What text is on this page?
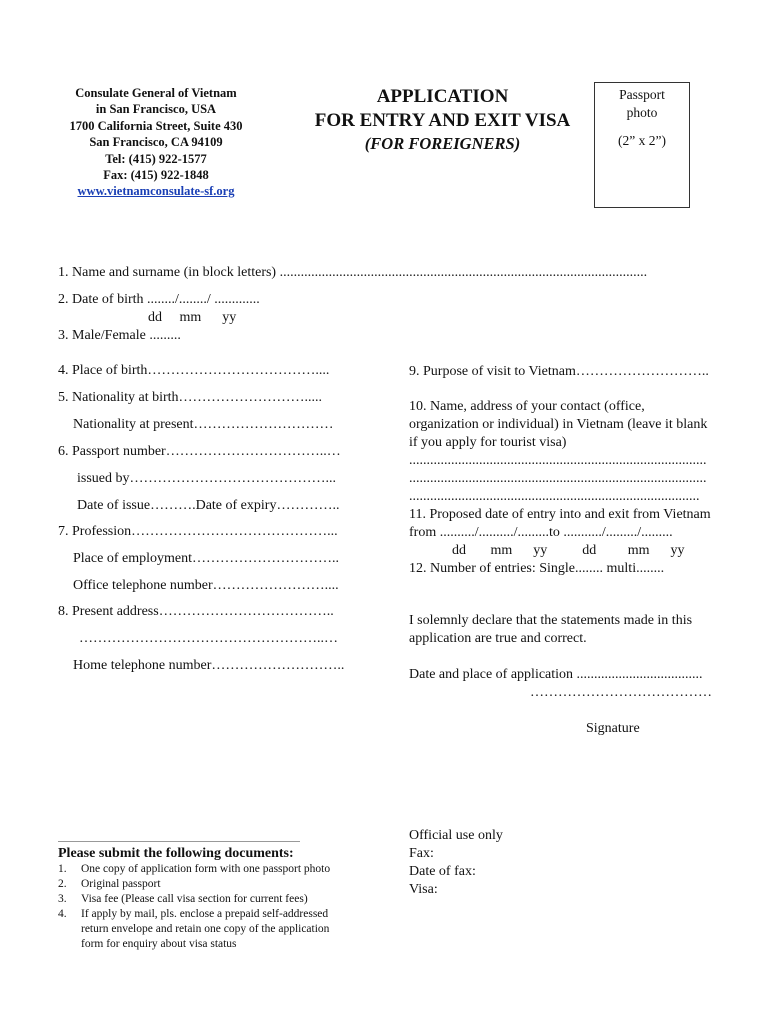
Consulate General of Vietnam
in San Francisco, USA
1700 California Street, Suite 430
San Francisco, CA 94109
Tel: (415) 922-1577
Fax: (415) 922-1848
www.vietnamconsulate-sf.org
APPLICATION
FOR ENTRY AND EXIT VISA
(FOR FOREIGNERS)
Passport
photo
(2” x 2”)
1. Name and surname (in block letters) .........................................................................................................
2. Date of birth ......../......../ .............
dd     mm      yy
3. Male/Female .........
4. Place of birth………………………………....
5. Nationality at birth……………………….....
Nationality at present…………………………
6. Passport number……………………………..…
issued by……………………………………...
Date of issue……….Date of expiry…………..
7. Profession……………………………………...
Place of employment…………………………..
Office telephone number……………………....
8. Present address………………………………..
……………………………………………..…
Home telephone number………………………..
9. Purpose of visit to Vietnam………………………..
10. Name, address of your contact (office,
organization or individual) in Vietnam (leave it blank
if you apply for tourist visa)
.....................................................................................
.....................................................................................
...................................................................................
11. Proposed date of entry into and exit from Vietnam
from ........../........../.........to .........../........./.........
dd       mm      yy          dd         mm      yy
12. Number of entries: Single........ multi........
I solemnly declare that the statements made in this
application are true and correct.
Date and place of application ....................................
…………………………………
Signature
Please submit the following documents:
1. One copy of application form with one passport photo
2. Original passport
3. Visa fee (Please call visa section for current fees)
4. If apply by mail, pls. enclose a prepaid self-addressed
return envelope and retain one copy of the application
form for enquiry about visa status
Official use only
Fax:
Date of fax:
Visa:
